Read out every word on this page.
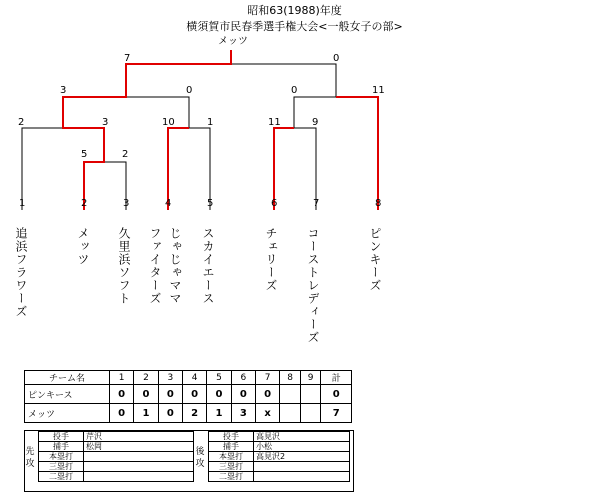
昭和63(1988)年度
横須賀市民春季選手権大会<一般女子の部>
メッツ
7	0
3	0	0	11
2	3	10	1	11	9
5	2
1	2	3	4	5	6	7	8
追浜フラワーズ	メッツ 久里浜ソフト ファイターズ じゃじゃママ スカイエース	チェリーズ コーストレディーズ	ピンキーズ
チーム名	1	2	3	4	5	6	7	8	9	計
ピンキース	0	0	0	0	0	0	0			0
メッツ	0	1	0	2	1	3	x			7
先攻
投手	芹沢
捕手	松岡
本塁打	
三塁打	
二塁打	
後攻
投手	高見沢
捕手	小松
本塁打	高見沢2
三塁打	
二塁打	
